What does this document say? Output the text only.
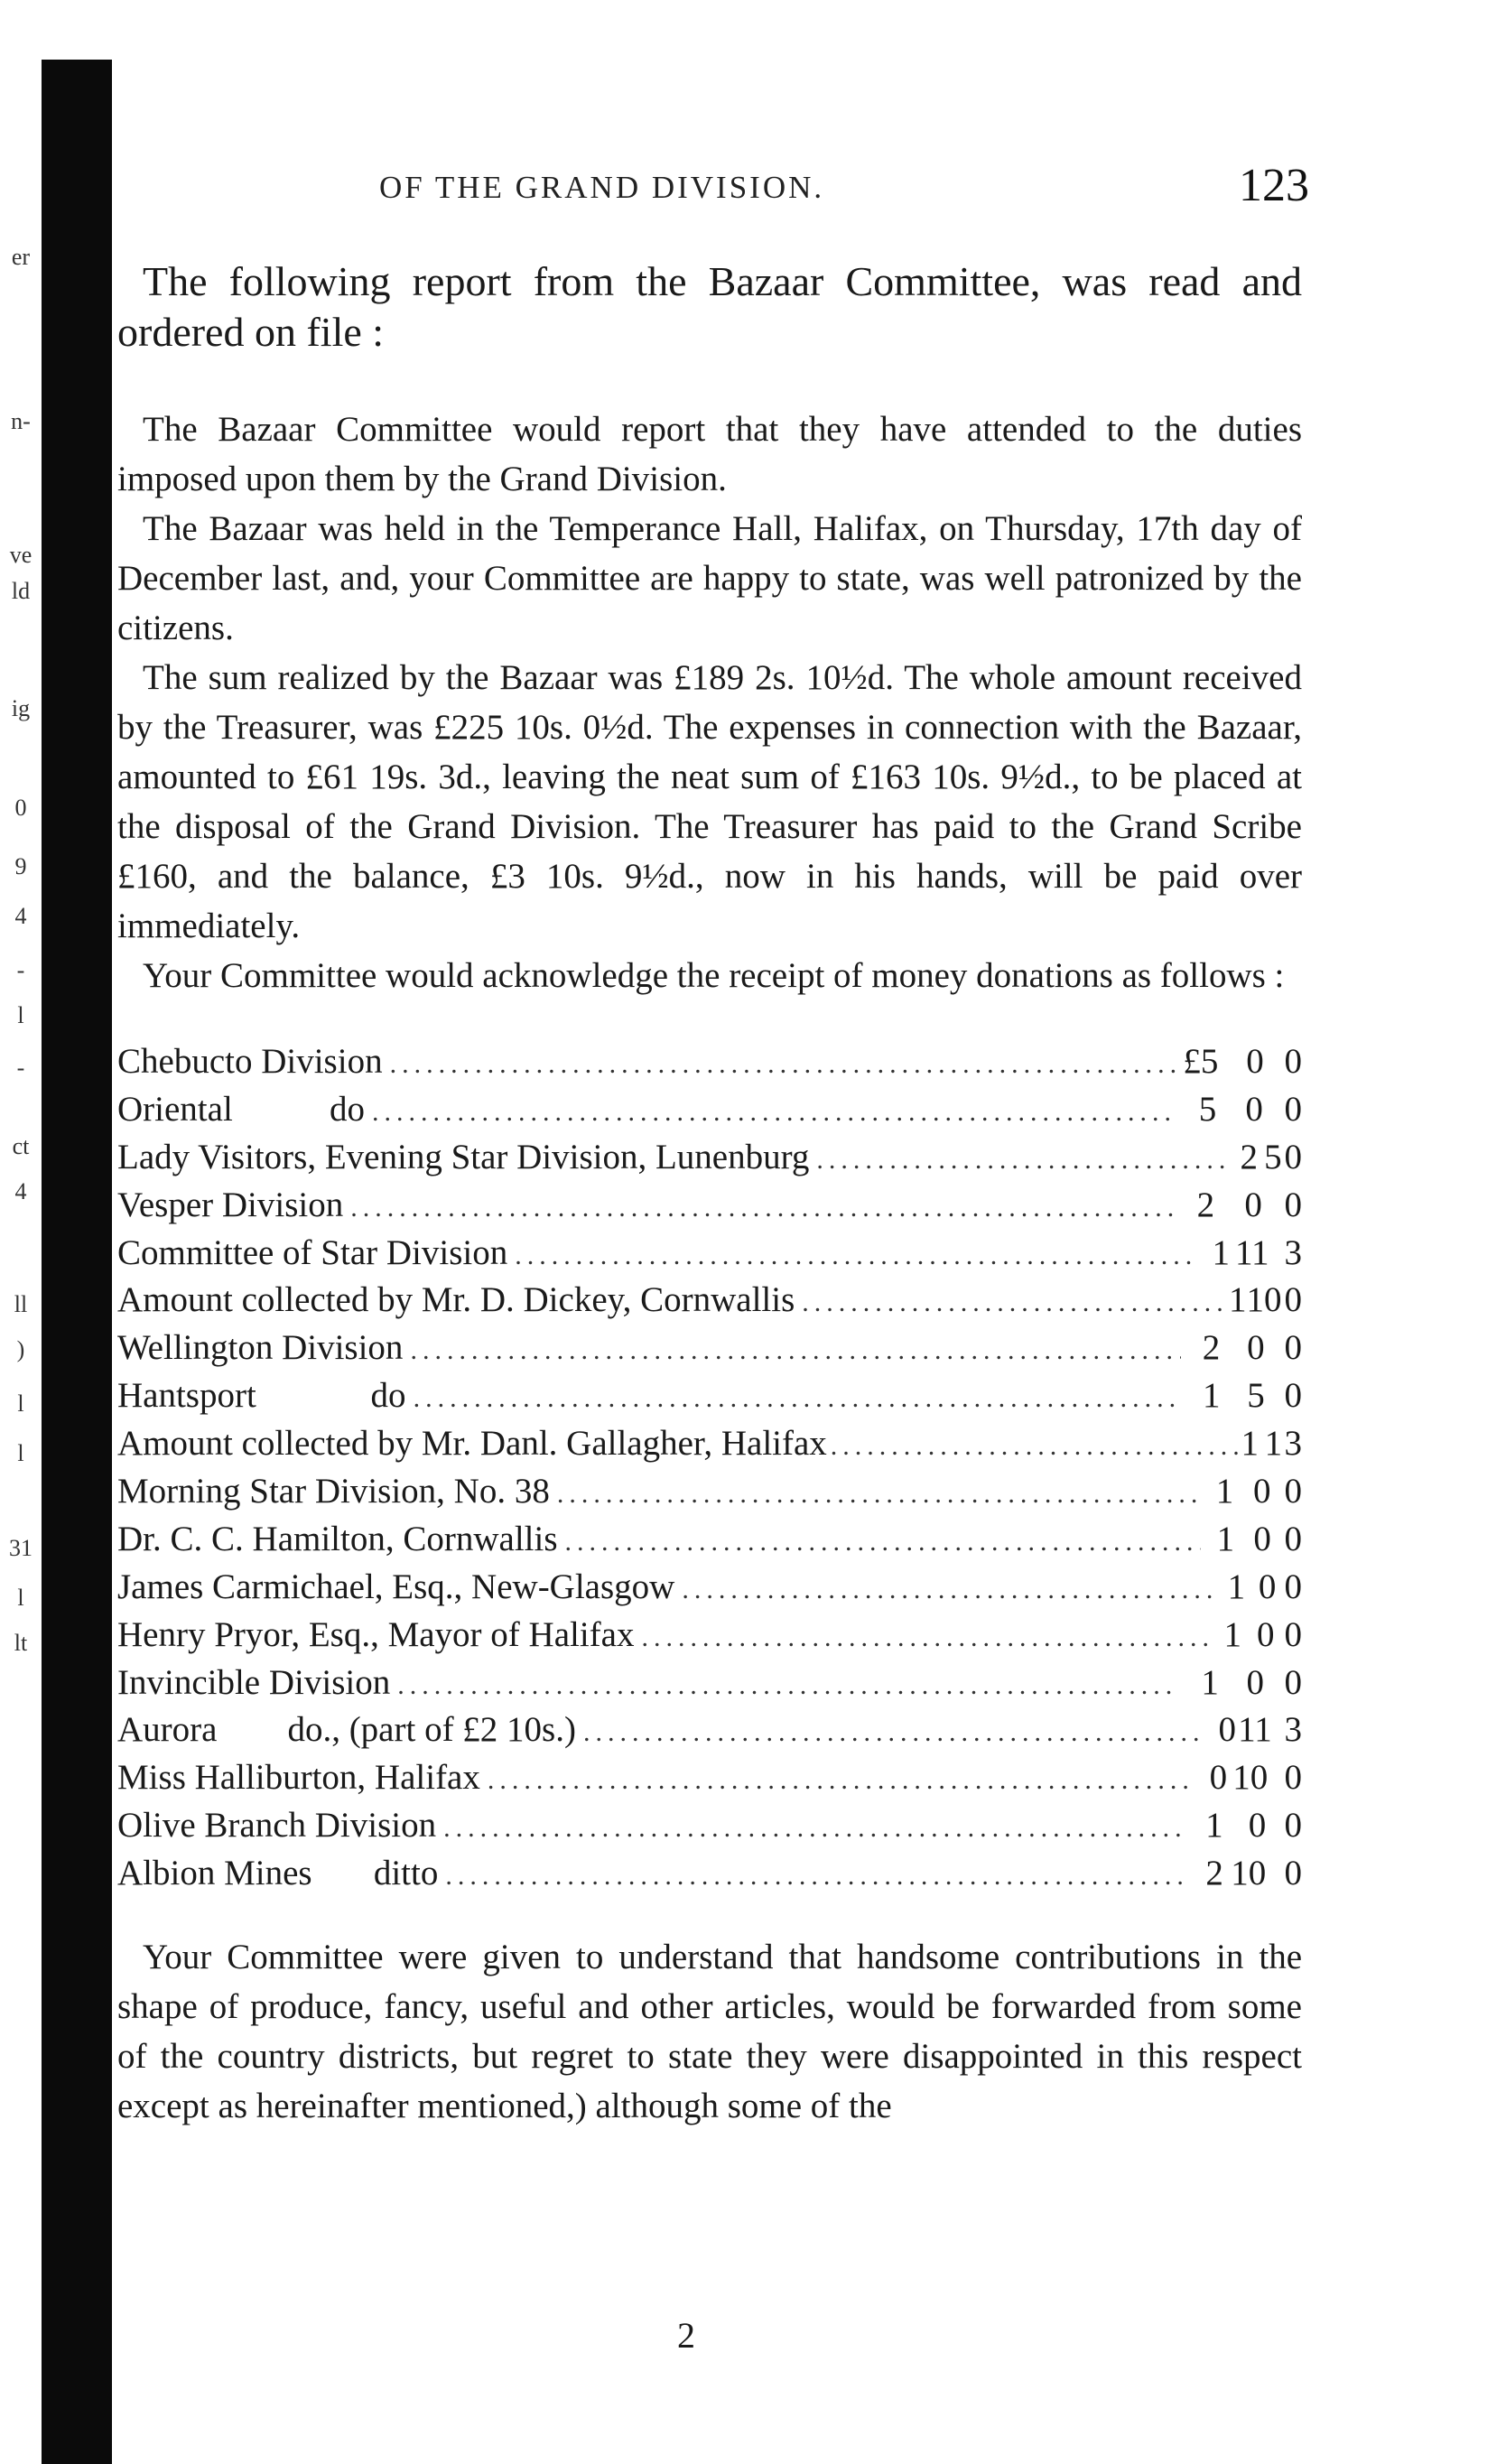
er
n-
ve
ld
ig
0
9
4
-
l
-
ct
4
ll
)
l
l
31
l
lt
OF THE GRAND DIVISION.	123

The following report from the Bazaar Committee, was read and ordered on file :

The Bazaar Committee would report that they have attended to the duties imposed upon them by the Grand Division.

The Bazaar was held in the Temperance Hall, Halifax, on Thursday, 17th day of December last, and, your Committee are happy to state, was well patronized by the citizens.

The sum realized by the Bazaar was £189 2s. 10½d. The whole amount received by the Treasurer, was £225 10s. 0½d. The expenses in connection with the Bazaar, amounted to £61 19s. 3d., leaving the neat sum of £163 10s. 9½d., to be placed at the disposal of the Grand Division. The Treasurer has paid to the Grand Scribe £160, and the balance, £3 10s. 9½d., now in his hands, will be paid over immediately.

Your Committee would acknowledge the receipt of money donations as follows :

Chebucto Division .....	£5 0 0
Oriental           do .....	5 0 0
Lady Visitors, Evening Star Division, Lunenburg .....	2 5 0
Vesper Division .....	2 0 0
Committee of Star Division .....	1 11 3
Amount collected by Mr. D. Dickey, Cornwallis .....	1 10 0
Wellington Division .....	2 0 0
Hantsport             do .....	1 5 0
Amount collected by Mr. Danl. Gallagher, Halifax .....	1 1 3
Morning Star Division, No. 38 .....	1 0 0
Dr. C. C. Hamilton, Cornwallis .....	1 0 0
James Carmichael, Esq., New-Glasgow .....	1 0 0
Henry Pryor, Esq., Mayor of Halifax .....	1 0 0
Invincible Division .....	1 0 0
Aurora        do., (part of £2 10s.) .....	0 11 3
Miss Halliburton, Halifax .....	0 10 0
Olive Branch Division .....	1 0 0
Albion Mines       ditto .....	2 10 0

Your Committee were given to understand that handsome contributions in the shape of produce, fancy, useful and other articles, would be forwarded from some of the country districts, but regret to state they were disappointed in this respect except as hereinafter mentioned,) although some of the

2
